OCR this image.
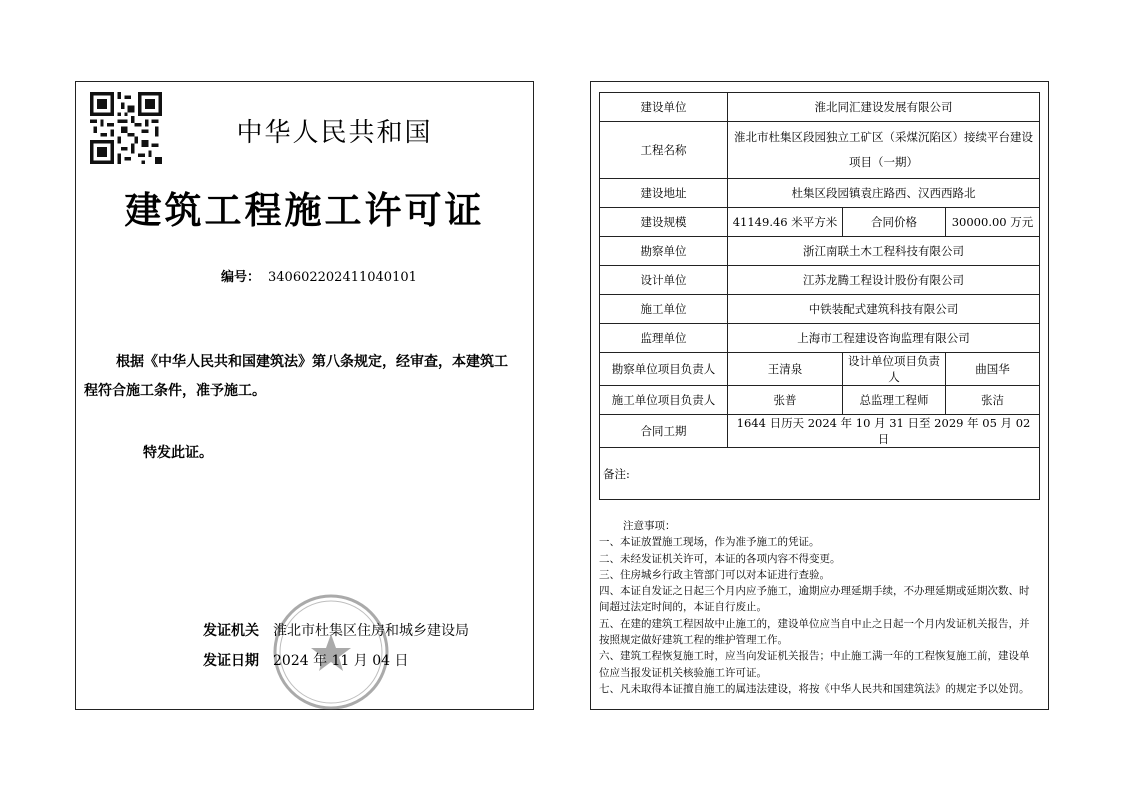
中华人民共和国
建筑工程施工许可证
编号： 340602202411040101
根据《中华人民共和国建筑法》第八条规定，经审查，本建筑工程符合施工条件，准予施工。
特发此证。
发证机关 淮北市杜集区住房和城乡建设局
发证日期 2024 年 11 月 04 日
建设单位	淮北同汇建设发展有限公司		
工程名称	淮北市杜集区段园独立工矿区（采煤沉陷区）接续平台建设项目（一期）		
建设地址	杜集区段园镇袁庄路西、汉西西路北		
建设规模	41149.46 米平方米	合同价格	30000.00 万元
勘察单位	浙江南联土木工程科技有限公司		
设计单位	江苏龙腾工程设计股份有限公司		
施工单位	中铁装配式建筑科技有限公司		
监理单位	上海市工程建设咨询监理有限公司		
勘察单位项目负责人	王清泉	设计单位项目负责人	曲国华
施工单位项目负责人	张普	总监理工程师	张洁
合同工期	1644 日历天 2024 年 10 月 31 日至 2029 年 05 月 02 日		
备注:			
注意事项：
一、本证放置施工现场，作为准予施工的凭证。
二、未经发证机关许可，本证的各项内容不得变更。
三、住房城乡行政主管部门可以对本证进行查验。
四、本证自发证之日起三个月内应予施工，逾期应办理延期手续，不办理延期或延期次数、时间超过法定时间的，本证自行废止。
五、在建的建筑工程因故中止施工的，建设单位应当自中止之日起一个月内发证机关报告，并按照规定做好建筑工程的维护管理工作。
六、建筑工程恢复施工时，应当向发证机关报告；中止施工满一年的工程恢复施工前，建设单位应当报发证机关核验施工许可证。
七、凡未取得本证擅自施工的属违法建设，将按《中华人民共和国建筑法》的规定予以处罚。
